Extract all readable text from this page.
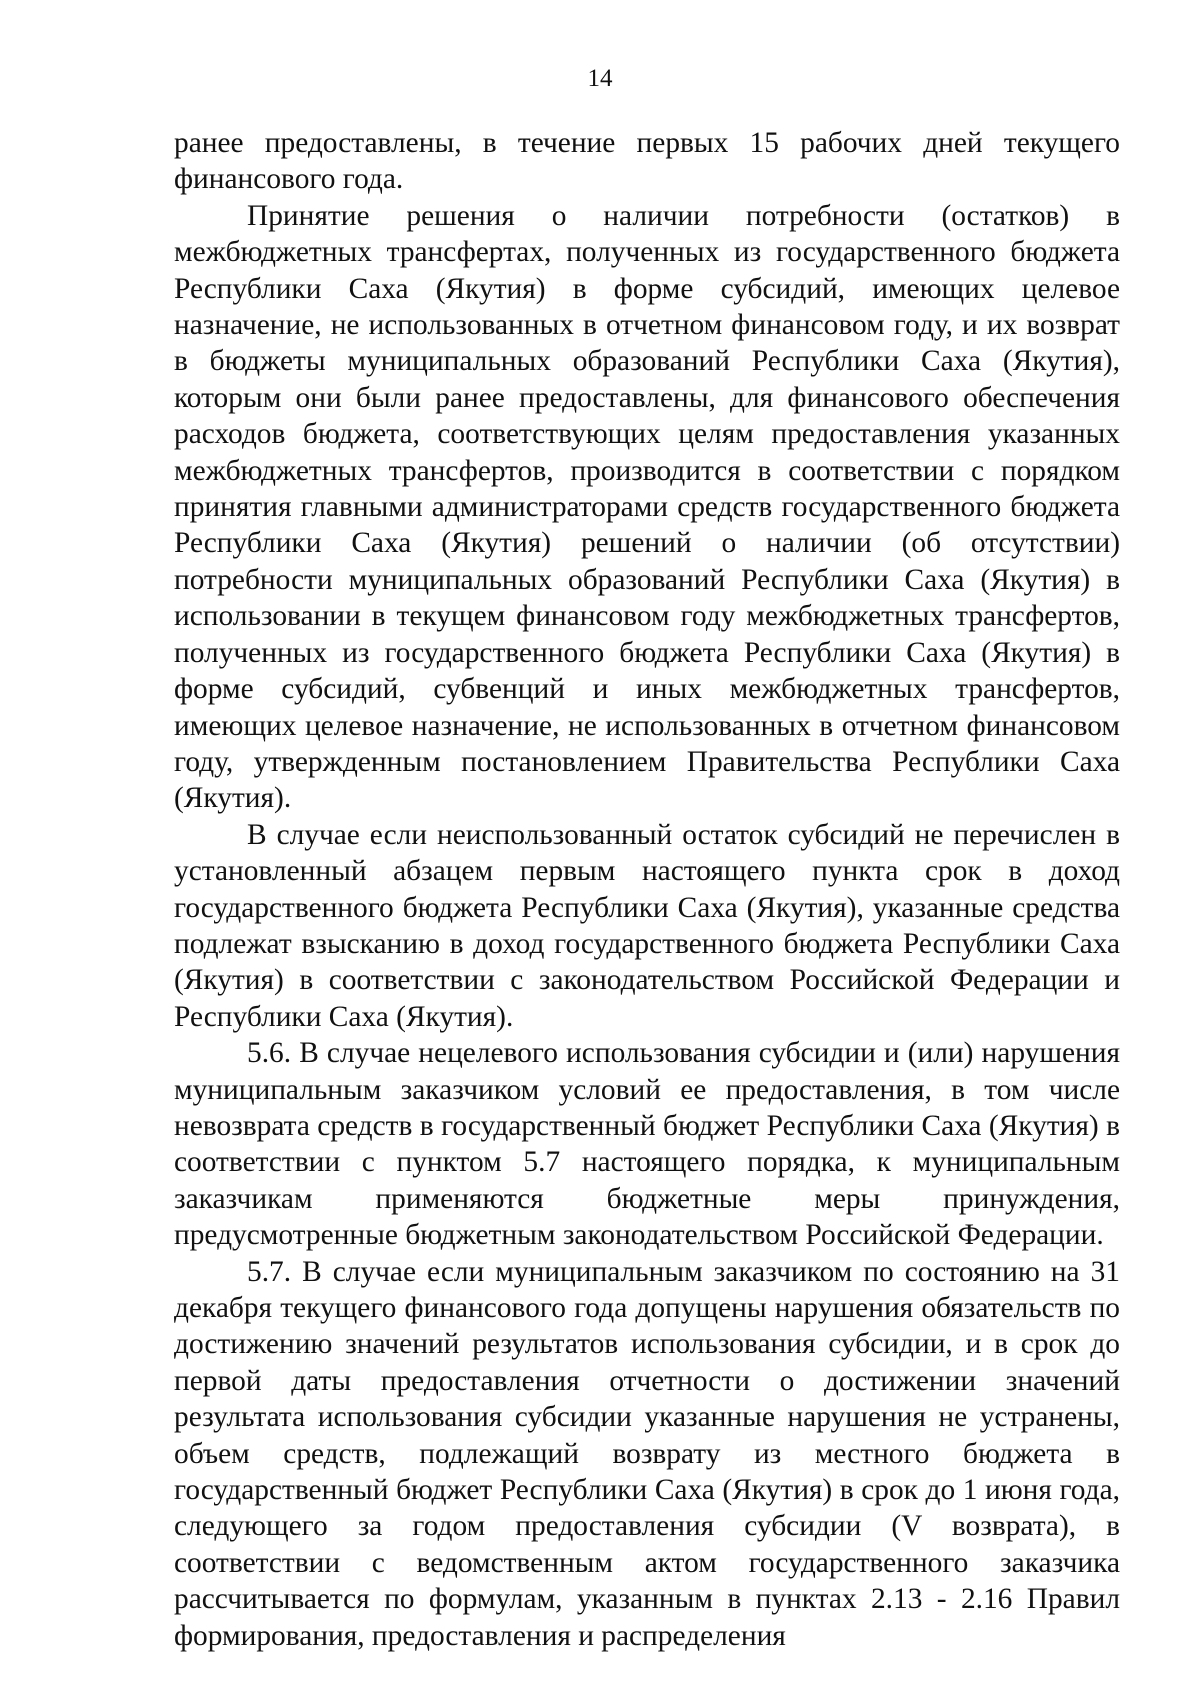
14

ранее предоставлены, в течение первых 15 рабочих дней текущего финансового года.

Принятие решения о наличии потребности (остатков) в межбюджетных трансфертах, полученных из государственного бюджета Республики Саха (Якутия) в форме субсидий, имеющих целевое назначение, не использованных в отчетном финансовом году, и их возврат в бюджеты муниципальных образований Республики Саха (Якутия), которым они были ранее предоставлены, для финансового обеспечения расходов бюджета, соответствующих целям предоставления указанных межбюджетных трансфертов, производится в соответствии с порядком принятия главными администраторами средств государственного бюджета Республики Саха (Якутия) решений о наличии (об отсутствии) потребности муниципальных образований Республики Саха (Якутия) в использовании в текущем финансовом году межбюджетных трансфертов, полученных из государственного бюджета Республики Саха (Якутия) в форме субсидий, субвенций и иных межбюджетных трансфертов, имеющих целевое назначение, не использованных в отчетном финансовом году, утвержденным постановлением Правительства Республики Саха (Якутия).

В случае если неиспользованный остаток субсидий не перечислен в установленный абзацем первым настоящего пункта срок в доход государственного бюджета Республики Саха (Якутия), указанные средства подлежат взысканию в доход государственного бюджета Республики Саха (Якутия) в соответствии с законодательством Российской Федерации и Республики Саха (Якутия).

5.6. В случае нецелевого использования субсидии и (или) нарушения муниципальным заказчиком условий ее предоставления, в том числе невозврата средств в государственный бюджет Республики Саха (Якутия) в соответствии с пунктом 5.7 настоящего порядка, к муниципальным заказчикам применяются бюджетные меры принуждения, предусмотренные бюджетным законодательством Российской Федерации.

5.7. В случае если муниципальным заказчиком по состоянию на 31 декабря текущего финансового года допущены нарушения обязательств по достижению значений результатов использования субсидии, и в срок до первой даты предоставления отчетности о достижении значений результата использования субсидии указанные нарушения не устранены, объем средств, подлежащий возврату из местного бюджета в государственный бюджет Республики Саха (Якутия) в срок до 1 июня года, следующего за годом предоставления субсидии (V возврата), в соответствии с ведомственным актом государственного заказчика рассчитывается по формулам, указанным в пунктах 2.13 - 2.16 Правил формирования, предоставления и распределения
